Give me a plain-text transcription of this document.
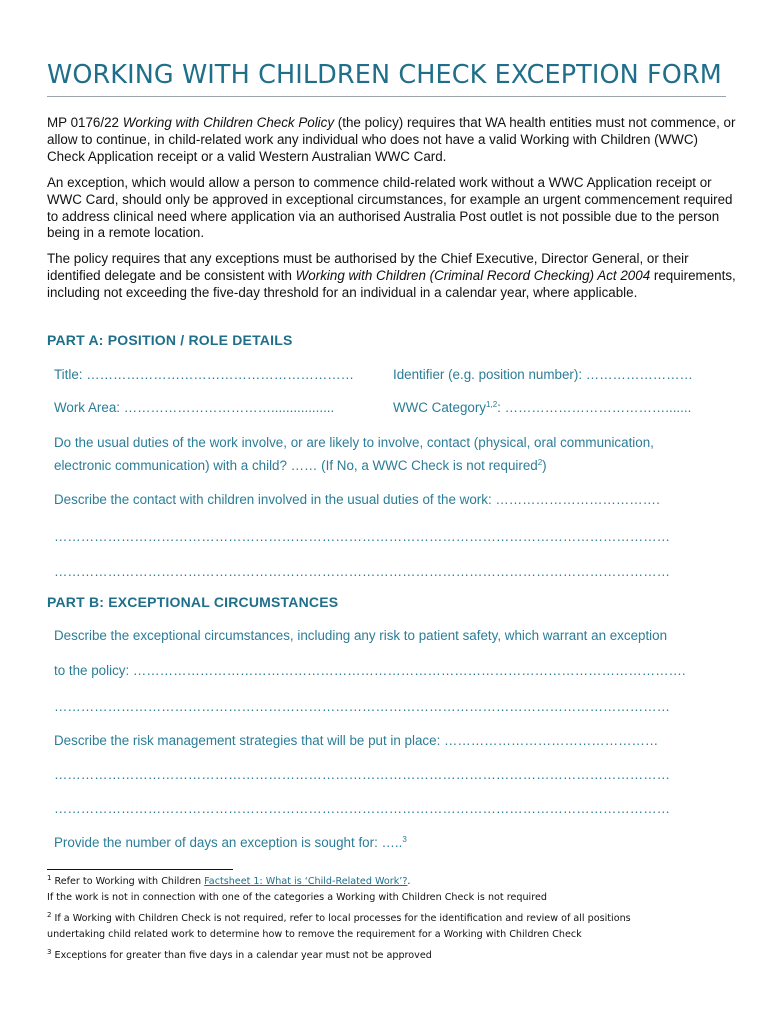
WORKING WITH CHILDREN CHECK EXCEPTION FORM
MP 0176/22 Working with Children Check Policy (the policy) requires that WA health entities must not commence, or allow to continue, in child-related work any individual who does not have a valid Working with Children (WWC) Check Application receipt or a valid Western Australian WWC Card.
An exception, which would allow a person to commence child-related work without a WWC Application receipt or WWC Card, should only be approved in exceptional circumstances, for example an urgent commencement required to address clinical need where application via an authorised Australia Post outlet is not possible due to the person being in a remote location.
The policy requires that any exceptions must be authorised by the Chief Executive, Director General, or their identified delegate and be consistent with Working with Children (Criminal Record Checking) Act 2004 requirements, including not exceeding the five-day threshold for an individual in a calendar year, where applicable.
PART A: POSITION / ROLE DETAILS
Title: ……………………………………………………	Identifier (e.g. position number): ……………………
Work Area: …………………………….................	WWC Category$^{1,2}$: ……………………………….......
Do the usual duties of the work involve, or are likely to involve, contact (physical, oral communication,
electronic communication) with a child? …… (If No, a WWC Check is not required$^2$)
Describe the contact with children involved in the usual duties of the work: ……………………………….
…………………………………………………………………………………………………………………………
…………………………………………………………………………………………………………………………
PART B: EXCEPTIONAL CIRCUMSTANCES
Describe the exceptional circumstances, including any risk to patient safety, which warrant an exception
to the policy: …………………………………………………………………………………………………………….
…………………………………………………………………………………………………………………………
Describe the risk management strategies that will be put in place: …………………………………………
…………………………………………………………………………………………………………………………
…………………………………………………………………………………………………………………………
Provide the number of days an exception is sought for: …..$^3$
$^1$ Refer to Working with Children Factsheet 1: What is ‘Child-Related Work’?.
If the work is not in connection with one of the categories a Working with Children Check is not required
$^2$ If a Working with Children Check is not required, refer to local processes for the identification and review of all positions
undertaking child related work to determine how to remove the requirement for a Working with Children Check
$^3$ Exceptions for greater than five days in a calendar year must not be approved
